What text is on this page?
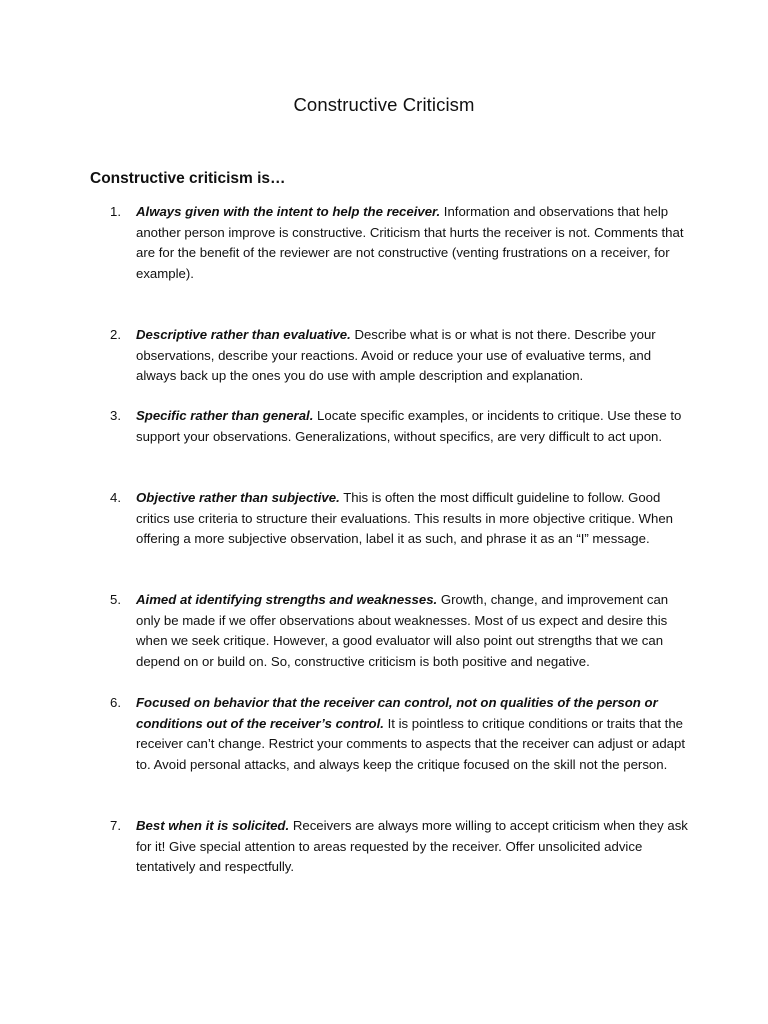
Constructive Criticism
Constructive criticism is…
1.	Always given with the intent to help the receiver. Information and observations that help another person improve is constructive. Criticism that hurts the receiver is not. Comments that are for the benefit of the reviewer are not constructive (venting frustrations on a receiver, for example).
2.	Descriptive rather than evaluative. Describe what is or what is not there. Describe your observations, describe your reactions. Avoid or reduce your use of evaluative terms, and always back up the ones you do use with ample description and explanation.
3.	Specific rather than general. Locate specific examples, or incidents to critique. Use these to support your observations. Generalizations, without specifics, are very difficult to act upon.
4.	Objective rather than subjective. This is often the most difficult guideline to follow. Good critics use criteria to structure their evaluations. This results in more objective critique. When offering a more subjective observation, label it as such, and phrase it as an “I” message.
5.	Aimed at identifying strengths and weaknesses. Growth, change, and improvement can only be made if we offer observations about weaknesses. Most of us expect and desire this when we seek critique. However, a good evaluator will also point out strengths that we can depend on or build on. So, constructive criticism is both positive and negative.
6.	Focused on behavior that the receiver can control, not on qualities of the person or conditions out of the receiver’s control. It is pointless to critique conditions or traits that the receiver can’t change. Restrict your comments to aspects that the receiver can adjust or adapt to. Avoid personal attacks, and always keep the critique focused on the skill not the person.
7.	Best when it is solicited. Receivers are always more willing to accept criticism when they ask for it! Give special attention to areas requested by the receiver. Offer unsolicited advice tentatively and respectfully.
